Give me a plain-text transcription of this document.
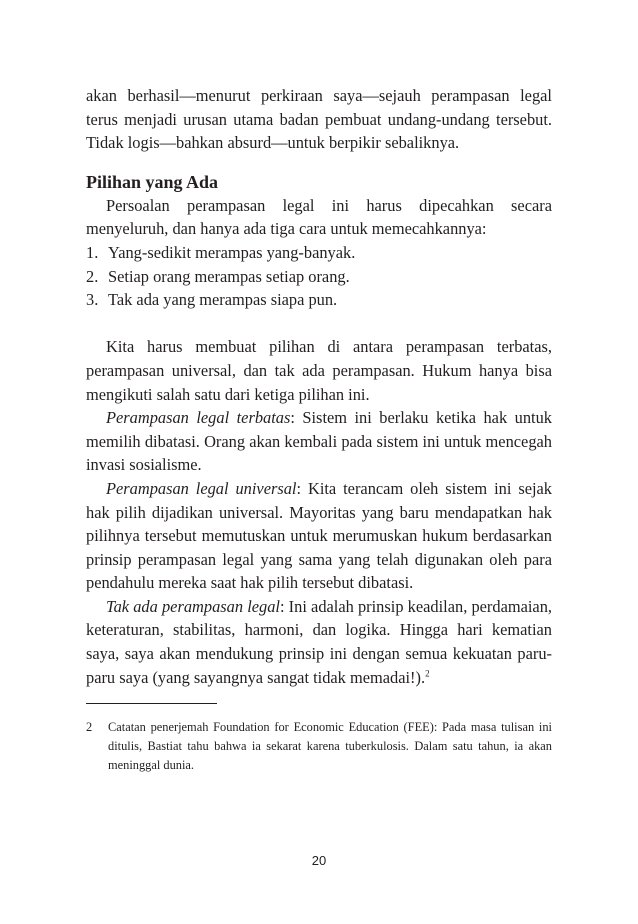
akan berhasil—menurut perkiraan saya—sejauh perampasan legal terus menjadi urusan utama badan pembuat undang-undang tersebut. Tidak logis—bahkan absurd—untuk berpikir sebaliknya.

Pilihan yang Ada

Persoalan perampasan legal ini harus dipecahkan secara menyeluruh, dan hanya ada tiga cara untuk memecahkannya:

1. Yang-sedikit merampas yang-banyak.
2. Setiap orang merampas setiap orang.
3. Tak ada yang merampas siapa pun.

Kita harus membuat pilihan di antara perampasan terbatas, perampasan universal, dan tak ada perampasan. Hukum hanya bisa mengikuti salah satu dari ketiga pilihan ini.

Perampasan legal terbatas: Sistem ini berlaku ketika hak untuk memilih dibatasi. Orang akan kembali pada sistem ini untuk mencegah invasi sosialisme.

Perampasan legal universal: Kita terancam oleh sistem ini sejak hak pilih dijadikan universal. Mayoritas yang baru mendapatkan hak pilihnya tersebut memutuskan untuk merumuskan hukum berdasarkan prinsip perampasan legal yang sama yang telah digunakan oleh para pendahulu mereka saat hak pilih tersebut dibatasi.

Tak ada perampasan legal: Ini adalah prinsip keadilan, perdamaian, keteraturan, stabilitas, harmoni, dan logika. Hingga hari kematian saya, saya akan mendukung prinsip ini dengan semua kekuatan paru-paru saya (yang sayangnya sangat tidak memadai!).$^2$

2	Catatan penerjemah Foundation for Economic Education (FEE): Pada masa tulisan ini ditulis, Bastiat tahu bahwa ia sekarat karena tuberkulosis. Dalam satu tahun, ia akan meninggal dunia.
20
